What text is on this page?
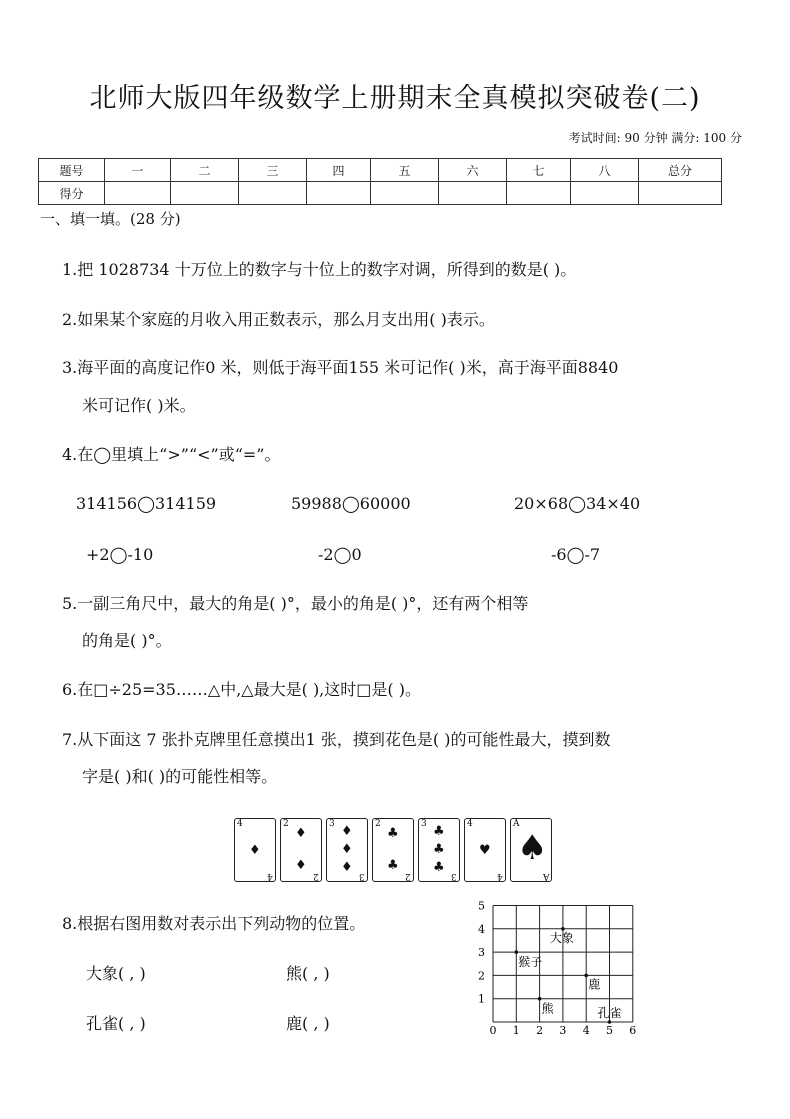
北师大版四年级数学上册期末全真模拟突破卷(二)
考试时间: 90 分钟 满分: 100 分
题号	一	二	三	四	五	六	七	八	总分
得分									
一、填一填。(28 分)
1.把 1028734 十万位上的数字与十位上的数字对调，所得到的数是( )。
2.如果某个家庭的月收入用正数表示，那么月支出用( )表示。
3.海平面的高度记作0 米，则低于海平面155 米可记作( )米，高于海平面8840
米可记作( )米。
4.在◯里填上“>”“<”或“=”。
314156◯314159	59988◯60000	20×68◯34×40
+2◯-10	-2◯0	-6◯-7
5.一副三角尺中，最大的角是( )°，最小的角是( )°，还有两个相等
的角是( )°。
6.在□÷25=35……△中,△最大是( ),这时□是( )。
7.从下面这 7 张扑克牌里任意摸出1 张，摸到花色是( )的可能性最大，摸到数
字是( )和( )的可能性相等。
4
♦
4
2
♦
♦
2
3 ♦
♦
♦
3
2
♣
♣
2
3 ♣
♣
♣
3
4
♥
4
A
♠
A
8.根据右图用数对表示出下列动物的位置。
大象( , )	熊( , )
孔雀( , )	鹿( , )	0 1 2 3 4 5 6
1
2
3
4
5
大象
猴子
鹿
熊	孔雀
